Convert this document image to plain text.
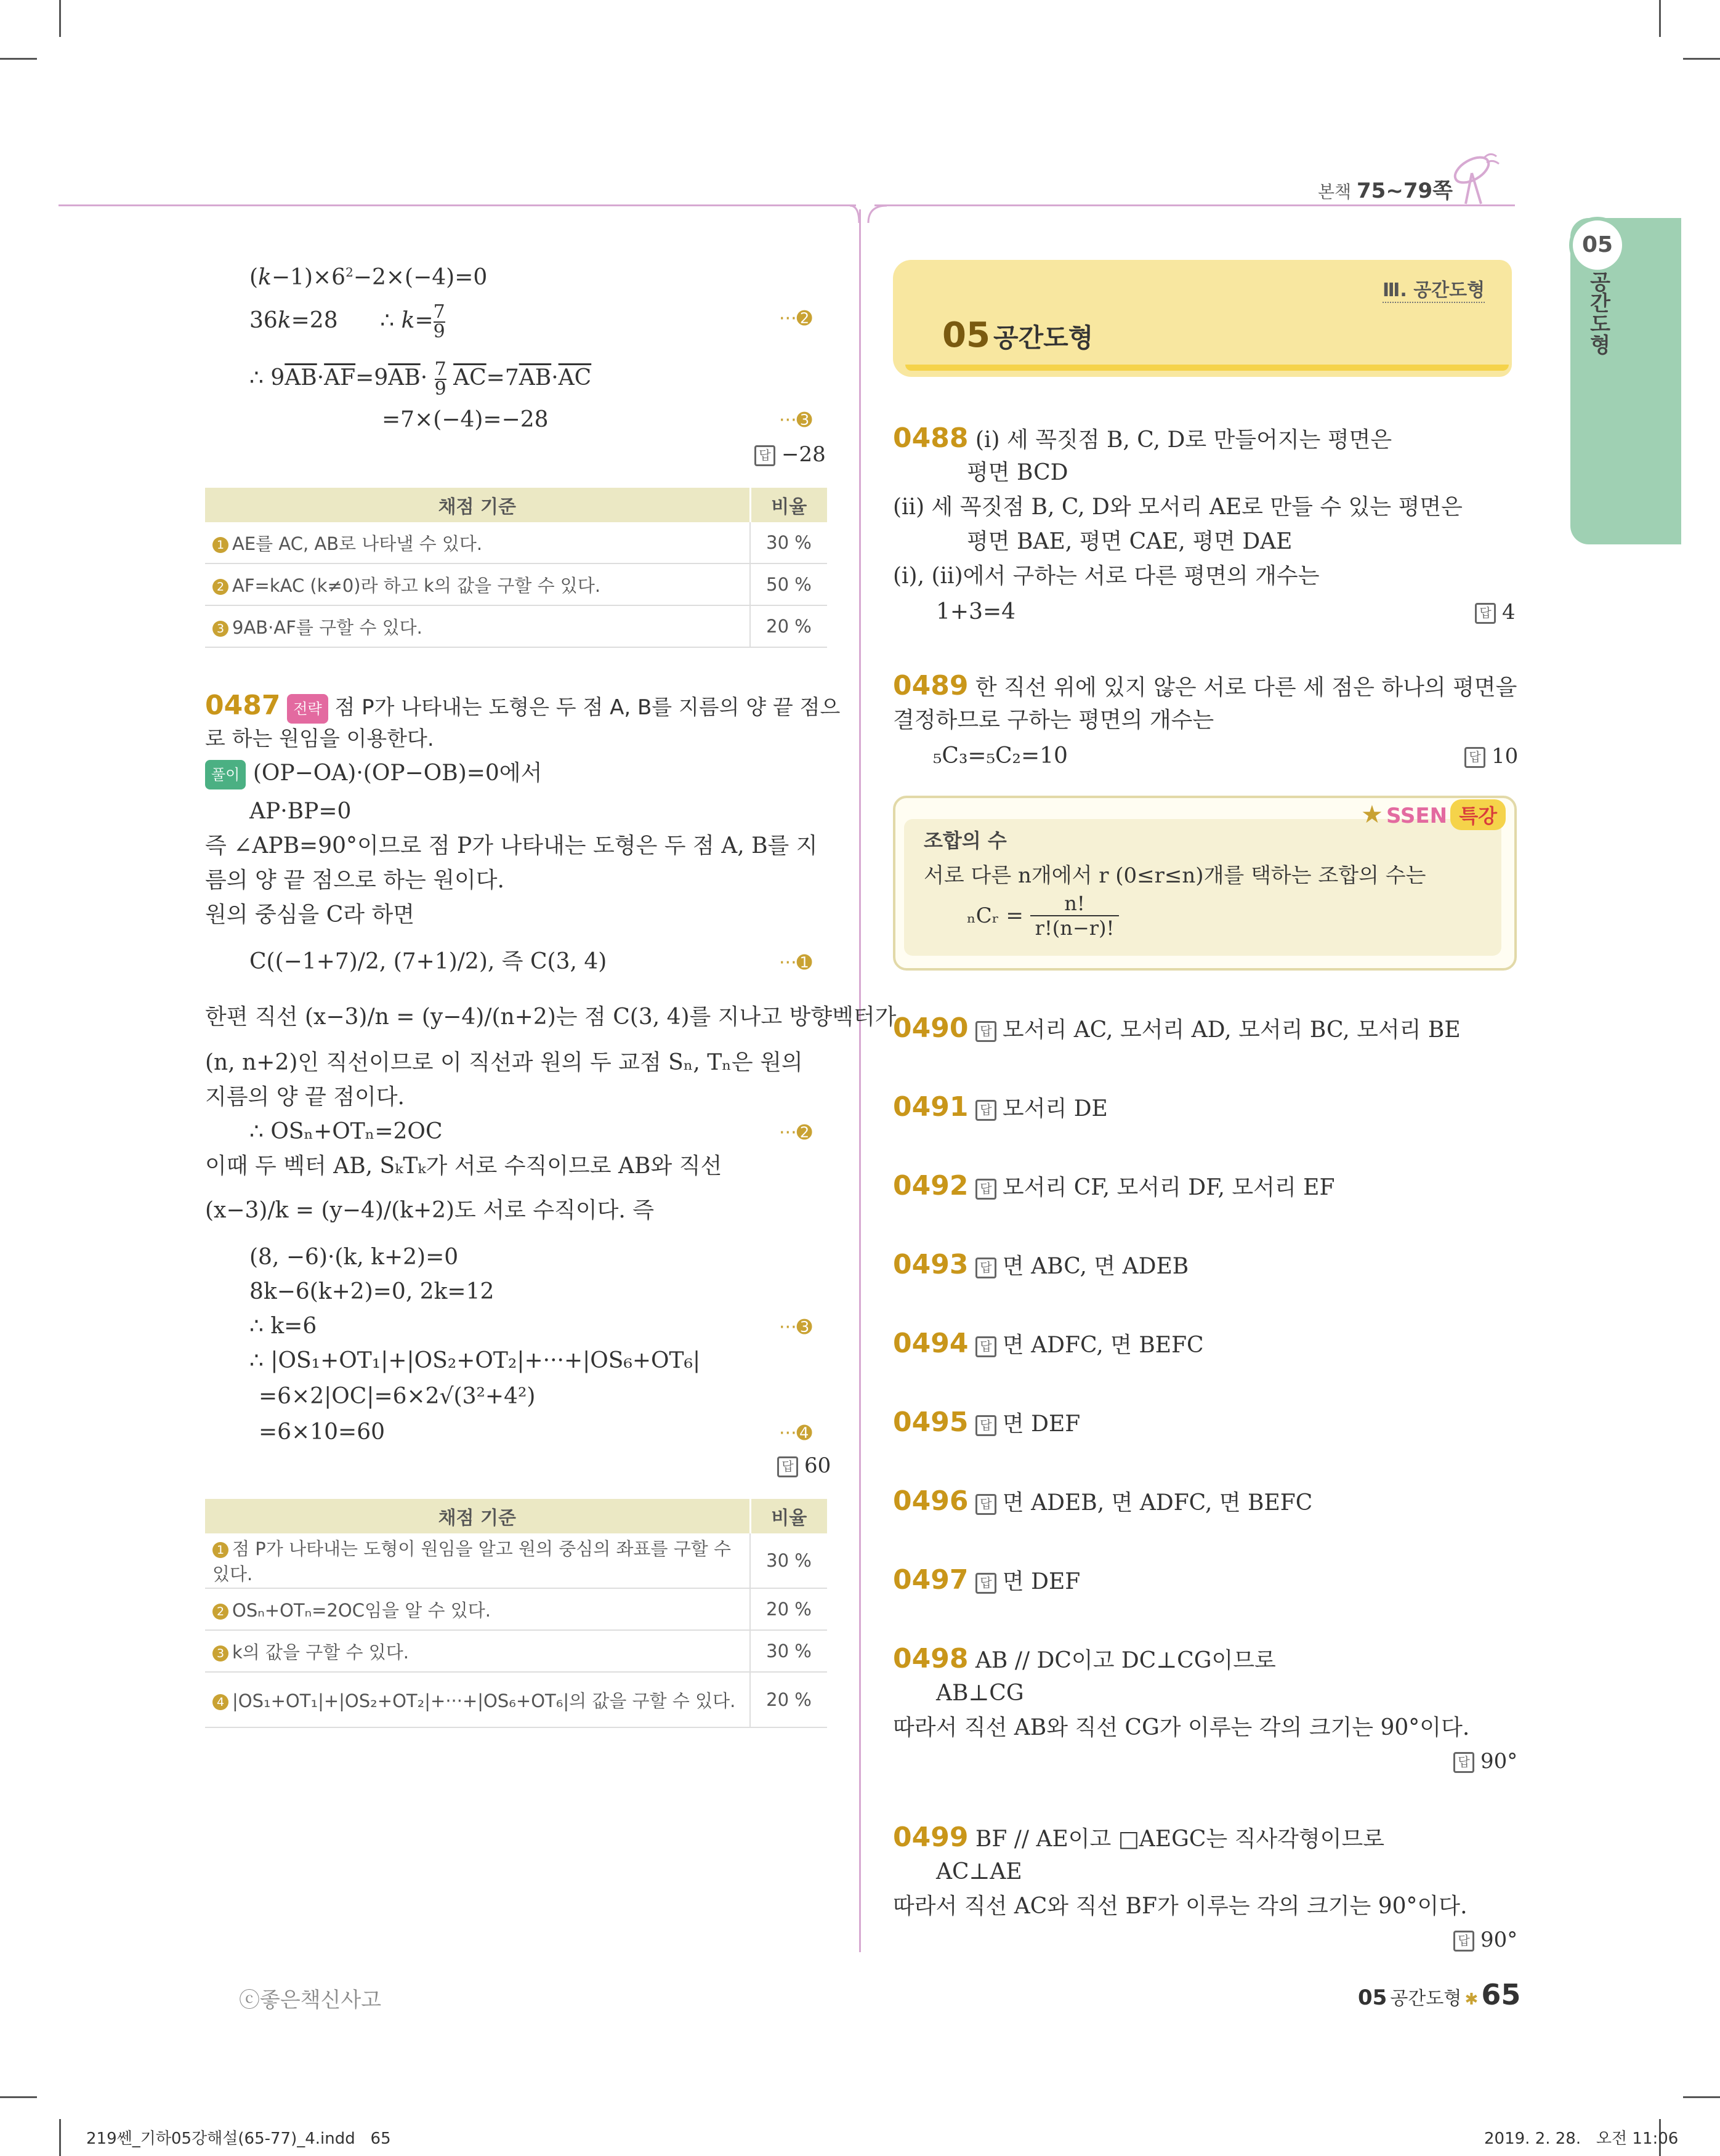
본책 75~79쪽
05
공간도형
$(k-1)\times 6^2-2\times(-4)=0$
36k=28      ∴ $k= \frac{7}{9}$
∴ $9\overline{AB}\cdot\overline{AF}=9\overline{AB}\cdot \frac{7}{9} \overline{AC}=7\overline{AB}\cdot\overline{AC}$
=7×(−4)=−28
···➋
···➌
답 −28
채점 기준	비율
1 AE를 AC, AB로 나타낼 수 있다.	30 %
2 AF=kAC (k≠0)라 하고 k의 값을 구할 수 있다.	50 %
3 9AB·AF를 구할 수 있다.	20 %
0487 전략 점 P가 나타내는 도형은 두 점 A, B를 지름의 양 끝 점으
로 하는 원임을 이용한다.
풀이 (OP−OA)·(OP−OB)=0에서
AP·BP=0
즉 ∠APB=90°이므로 점 P가 나타내는 도형은 두 점 A, B를 지
름의 양 끝 점으로 하는 원이다.
원의 중심을 C라 하면
C((−1+7)/2, (7+1)/2), 즉 C(3, 4)	···➊
한편 직선 (x−3)/n = (y−4)/(n+2)는 점 C(3, 4)를 지나고 방향벡터가
(n, n+2)인 직선이므로 이 직선과 원의 두 교점 Sₙ, Tₙ은 원의
지름의 양 끝 점이다.
∴ OSₙ+OTₙ=2OC	···➋
이때 두 벡터 AB, SₖTₖ가 서로 수직이므로 AB와 직선
(x−3)/k = (y−4)/(k+2)도 서로 수직이다. 즉
(8, −6)·(k, k+2)=0
8k−6(k+2)=0, 2k=12
∴ k=6	···➌
∴ |OS₁+OT₁|+|OS₂+OT₂|+···+|OS₆+OT₆|
=6×2|OC|=6×2√(3²+4²)
=6×10=60	···➍
답 60
채점 기준	비율
1 점 P가 나타내는 도형이 원임을 알고 원의 중심의 좌표를 구할 수 있다.	30 %
2 OSₙ+OTₙ=2OC임을 알 수 있다.	20 %
3 k의 값을 구할 수 있다.	30 %
4 |OS₁+OT₁|+|OS₂+OT₂|+···+|OS₆+OT₆|의 값을 구할 수 있다.	20 %
Ⅲ. 공간도형
05 공간도형
0488 (i) 세 꼭짓점 B, C, D로 만들어지는 평면은
평면 BCD
(ii) 세 꼭짓점 B, C, D와 모서리 AE로 만들 수 있는 평면은
평면 BAE, 평면 CAE, 평면 DAE
(i), (ii)에서 구하는 서로 다른 평면의 개수는
1+3=4	답 4
0489 한 직선 위에 있지 않은 서로 다른 세 점은 하나의 평면을
결정하므로 구하는 평면의 개수는
₅C₃=₅C₂=10	답 10
★ SSEN 특강
조합의 수
서로 다른 n개에서 r (0≤r≤n)개를 택하는 조합의 수는
ₙCᵣ = $\frac{n!}{r!(n-r)!}$
0490 답 모서리 AC, 모서리 AD, 모서리 BC, 모서리 BE
0491 답 모서리 DE
0492 답 모서리 CF, 모서리 DF, 모서리 EF
0493 답 면 ABC, 면 ADEB
0494 답 면 ADFC, 면 BEFC
0495 답 면 DEF
0496 답 면 ADEB, 면 ADFC, 면 BEFC
0497 답 면 DEF
0498 AB // DC이고 DC⊥CG이므로
AB⊥CG
따라서 직선 AB와 직선 CG가 이루는 각의 크기는 90°이다.
답 90°
0499 BF // AE이고 □AEGC는 직사각형이므로
AC⊥AE
따라서 직선 AC와 직선 BF가 이루는 각의 크기는 90°이다.
답 90°
ⓒ좋은책신사고	05 공간도형 ✱ 65
219쎈_기하05강해설(65-77)_4.indd   65	2019. 2. 28.   오전 11:06
